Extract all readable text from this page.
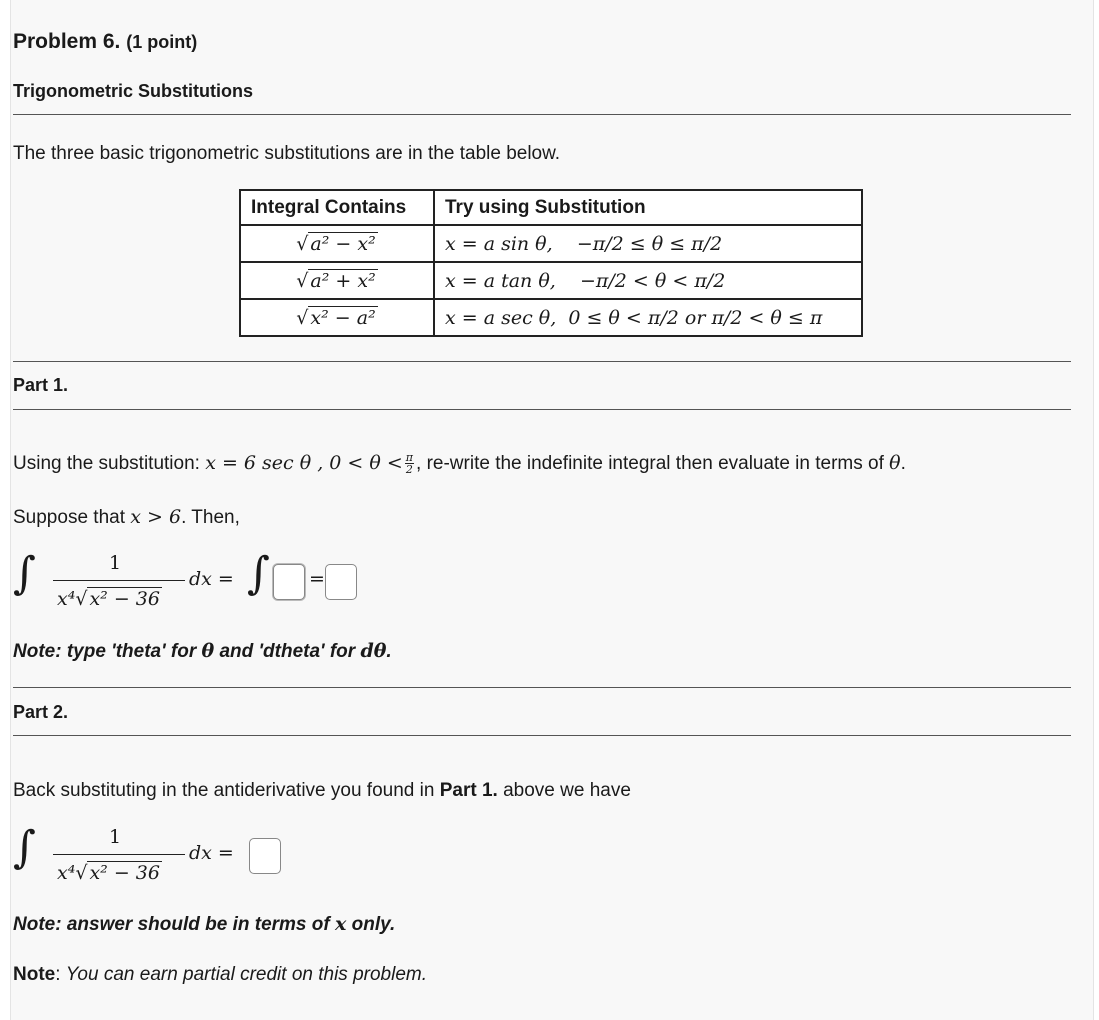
Problem 6. (1 point)
Trigonometric Substitutions
The three basic trigonometric substitutions are in the table below.
Integral Contains	Try using Substitution
√ a² − x²	x = a sin θ, −π/2 ≤ θ ≤ π/2
√ a² + x²	x = a tan θ, −π/2 < θ < π/2
√ x² − a²	x = a sec θ, 0 ≤ θ < π/2 or π/2 < θ ≤ π
Part 1.
Using the substitution: x = 6 sec θ , $0 < \theta < \frac{\pi}{2}$ , re-write the indefinite integral then evaluate in terms of θ.
Suppose that x > 6. Then,
∫	1
x⁴√ x² − 36
dx = ∫ =
Note: type 'theta' for θ and 'dtheta' for dθ.
Part 2.
Back substituting in the antiderivative you found in Part 1. above we have
∫	1
x⁴√ x² − 36
dx =
Note: answer should be in terms of x only.
Note: You can earn partial credit on this problem.
